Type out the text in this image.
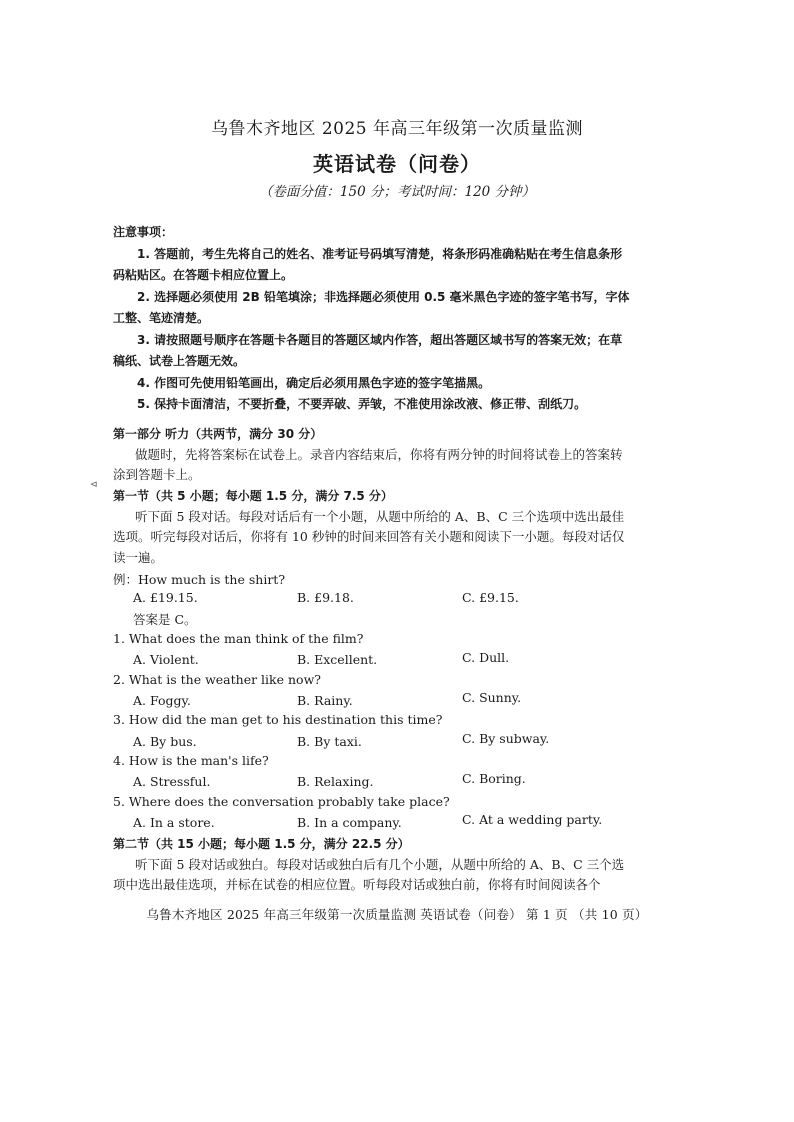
乌鲁木齐地区 2025 年高三年级第一次质量监测
英语试卷（问卷）
（卷面分值：150 分；考试时间：120 分钟）

注意事项：

1. 答题前，考生先将自己的姓名、准考证号码填写清楚，将条形码准确粘贴在考生信息条形码粘贴区。在答题卡相应位置上。

2. 选择题必须使用 2B 铅笔填涂；非选择题必须使用 0.5 毫米黑色字迹的签字笔书写，字体工整、笔迹清楚。

3. 请按照题号顺序在答题卡各题目的答题区域内作答，超出答题区域书写的答案无效；在草稿纸、试卷上答题无效。

4. 作图可先使用铅笔画出，确定后必须用黑色字迹的签字笔描黑。

5. 保持卡面清洁，不要折叠，不要弄破、弄皱，不准使用涂改液、修正带、刮纸刀。

第一部分 听力（共两节，满分 30 分）
做题时，先将答案标在试卷上。录音内容结束后，你将有两分钟的时间将试卷上的答案转涂到答题卡上。
⊲
第一节（共 5 小题；每小题 1.5 分，满分 7.5 分）
听下面 5 段对话。每段对话后有一个小题，从题中所给的 A、B、C 三个选项中选出最佳选项。听完每段对话后，你将有 10 秒钟的时间来回答有关小题和阅读下一小题。每段对话仅读一遍。
例：How much is the shirt?
A. £19.15.	B. £9.18.	C. £9.15.
答案是 C。
1. What does the man think of the film?
A. Violent.	B. Excellent.	C. Dull.
2. What is the weather like now?
A. Foggy.	B. Rainy.	C. Sunny.
3. How did the man get to his destination this time?
A. By bus.	B. By taxi.	C. By subway.
4. How is the man's life?
A. Stressful.	B. Relaxing.	C. Boring.
5. Where does the conversation probably take place?
A. In a store.	B. In a company.	C. At a wedding party.
第二节（共 15 小题；每小题 1.5 分，满分 22.5 分）
听下面 5 段对话或独白。每段对话或独白后有几个小题，从题中所给的 A、B、C 三个选项中选出最佳选项，并标在试卷的相应位置。听每段对话或独白前，你将有时间阅读各个
乌鲁木齐地区 2025 年高三年级第一次质量监测 英语试卷（问卷） 第 1 页 （共 10 页）
